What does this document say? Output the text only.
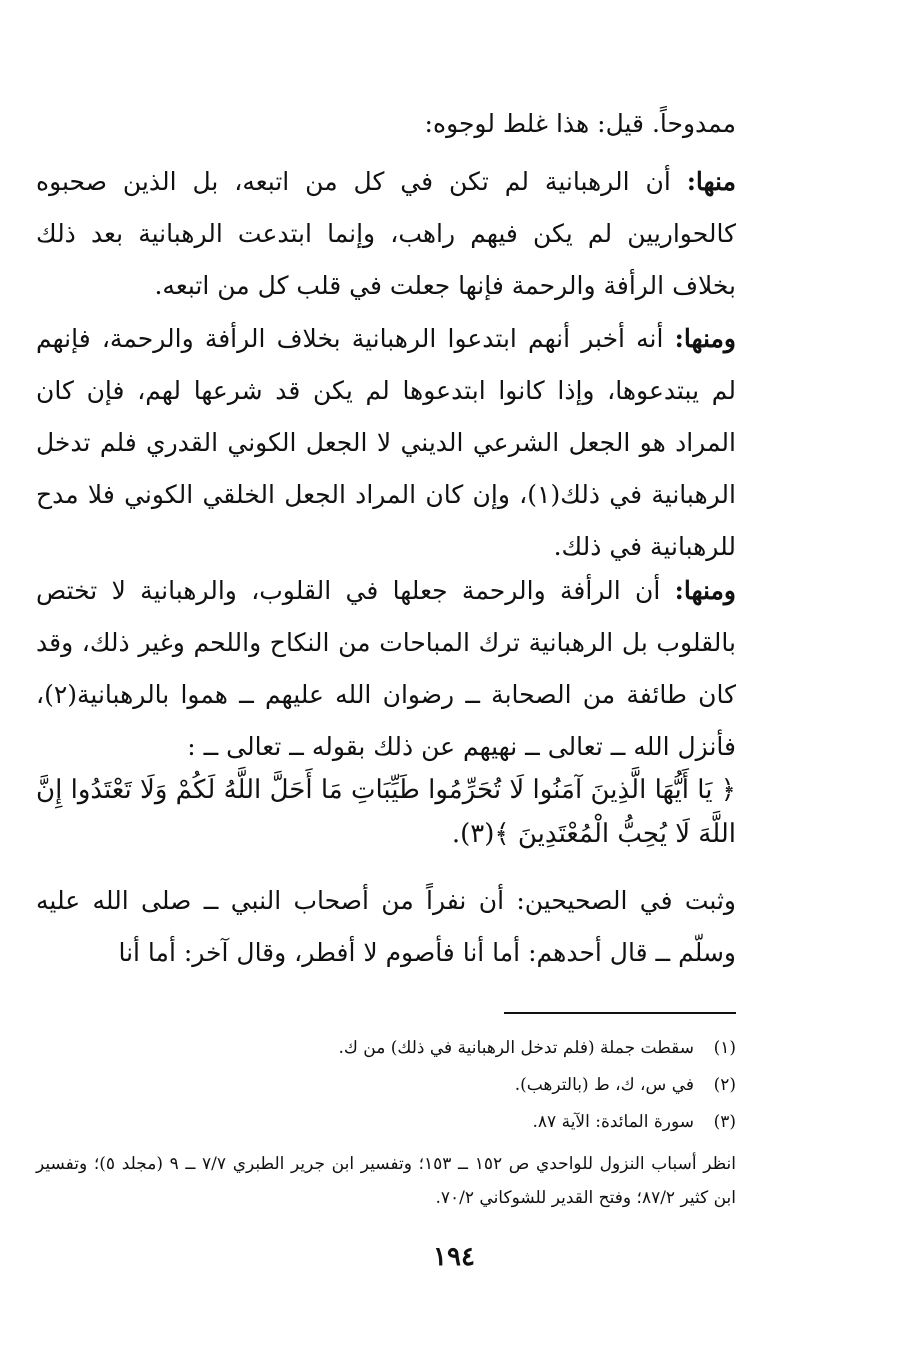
ممدوحاً. قيل: هذا غلط لوجوه:
منها: أن الرهبانية لم تكن في كل من اتبعه، بل الذين صحبوه كالحواريين لم يكن فيهم راهب، وإنما ابتدعت الرهبانية بعد ذلك بخلاف الرأفة والرحمة فإنها جعلت في قلب كل من اتبعه.
ومنها: أنه أخبر أنهم ابتدعوا الرهبانية بخلاف الرأفة والرحمة، فإنهم لم يبتدعوها، وإذا كانوا ابتدعوها لم يكن قد شرعها لهم، فإن كان المراد هو الجعل الشرعي الديني لا الجعل الكوني القدري فلم تدخل الرهبانية في ذلك(١)، وإن كان المراد الجعل الخلقي الكوني فلا مدح للرهبانية في ذلك.
ومنها: أن الرأفة والرحمة جعلها في القلوب، والرهبانية لا تختص بالقلوب بل الرهبانية ترك المباحات من النكاح واللحم وغير ذلك، وقد كان طائفة من الصحابة ــ رضوان الله عليهم ــ هموا بالرهبانية(٢)، فأنزل الله ــ تعالى ــ نهيهم عن ذلك بقوله ــ تعالى ــ :
﴿ يَا أَيُّهَا الَّذِينَ آمَنُوا لَا تُحَرِّمُوا طَيِّبَاتِ مَا أَحَلَّ اللَّهُ لَكُمْ وَلَا تَعْتَدُوا إِنَّ اللَّهَ لَا يُحِبُّ الْمُعْتَدِينَ ﴾(٣).
وثبت في الصحيحين: أن نفراً من أصحاب النبي ــ صلى الله عليه وسلّم ــ قال أحدهم: أما أنا فأصوم لا أفطر، وقال آخر: أما أنا
(١)
سقطت جملة (فلم تدخل الرهبانية في ذلك) من ك.
(٢)
في س، ك، ط (بالترهب).
(٣)
سورة المائدة: الآية ٨٧.
انظر أسباب النزول للواحدي ص ١٥٢ ــ ١٥٣؛ وتفسير ابن جرير الطبري ٧/٧ ــ ٩ (مجلد ٥)؛ وتفسير ابن كثير ٨٧/٢؛ وفتح القدير للشوكاني ٧٠/٢.
١٩٤
